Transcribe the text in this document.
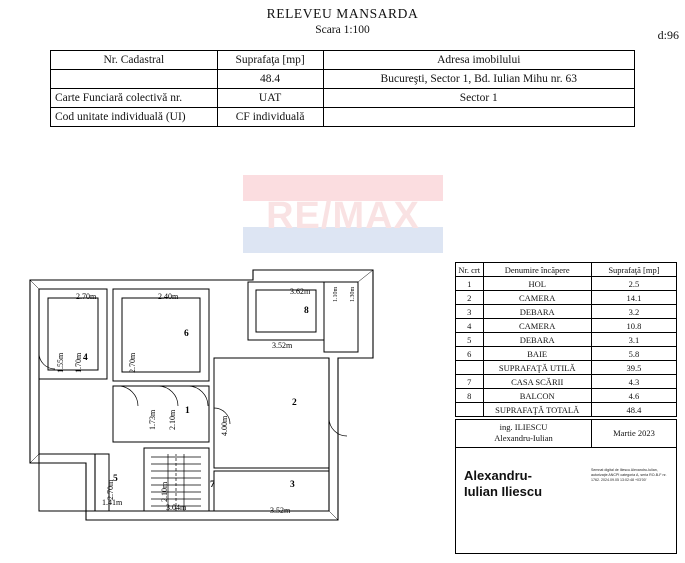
RELEVEU MANSARDA
Scara 1:100	d:96
Nr. Cadastral	Suprafaţa [mp]	Adresa imobilului
	48.4	Bucureşti, Sector 1, Bd. Iulian Mihu nr. 63
Carte Funciară colectivă nr.	UAT	Sector 1
Cod unitate individuală (UI)	CF individuală	
RE/MAX
1
2
3
4
5
6
7
8
2.70m	2.40m
3.62m
3.52m
3.52m
1.41m
3.04m
1.55m 1.70m	2.70m
1.73m 2.10m
2.70m	2.10m
4.00m
1.10m 1.30m
Nr. crt	Denumire încăpere	Suprafaţă [mp]
1	HOL	2.5
2	CAMERA	14.1
3	DEBARA	3.2
4	CAMERA	10.8
5	DEBARA	3.1
6	BAIE	5.8
	SUPRAFAŢĂ UTILĂ	39.5
7	CASA SCĂRII	4.3
8	BALCON	4.6
	SUPRAFAŢĂ TOTALĂ	48.4
ing. ILIESCU
Alexandru-Iulian	Martie 2023
Alexandru-
Iulian Iliescu
Semnat digital de Iliescu Alexandru-Iulian, autorizaţie ANCPI categoria A, seria RO-B-F nr. 1762. 2024.09.05 13:02:48 +03'00'
